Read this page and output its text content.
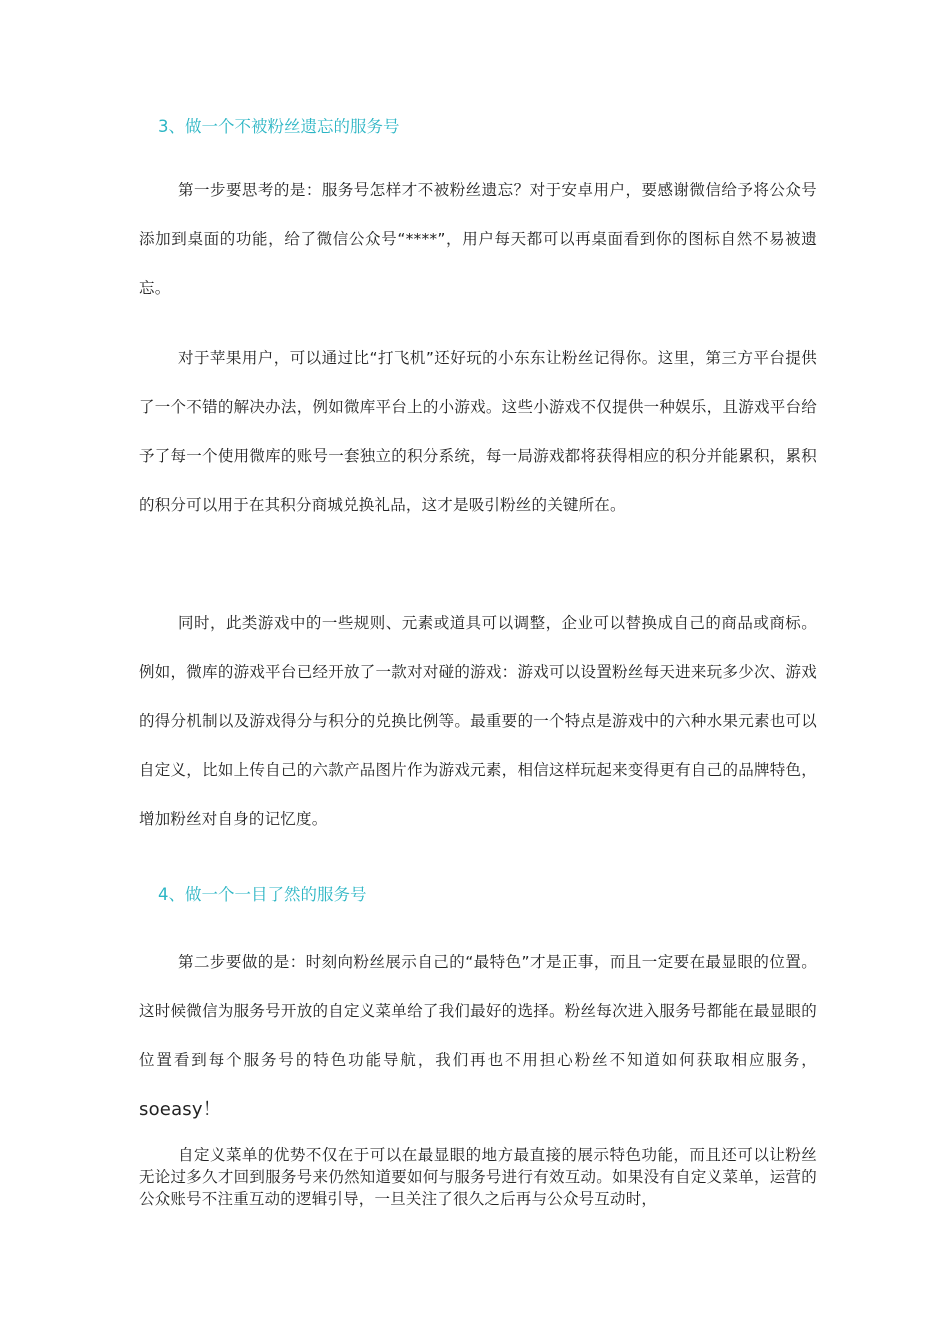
3、做一个不被粉丝遗忘的服务号

第一步要思考的是：服务号怎样才不被粉丝遗忘？对于安卓用户，要感谢微信给予将公众号添加到桌面的功能，给了微信公众号“****”，用户每天都可以再桌面看到你的图标自然不易被遗忘。

对于苹果用户，可以通过比“打飞机”还好玩的小东东让粉丝记得你。这里，第三方平台提供了一个不错的解决办法，例如微库平台上的小游戏。这些小游戏不仅提供一种娱乐，且游戏平台给予了每一个使用微库的账号一套独立的积分系统，每一局游戏都将获得相应的积分并能累积，累积的积分可以用于在其积分商城兑换礼品，这才是吸引粉丝的关键所在。

同时，此类游戏中的一些规则、元素或道具可以调整，企业可以替换成自己的商品或商标。例如，微库的游戏平台已经开放了一款对对碰的游戏：游戏可以设置粉丝每天进来玩多少次、游戏的得分机制以及游戏得分与积分的兑换比例等。最重要的一个特点是游戏中的六种水果元素也可以自定义，比如上传自己的六款产品图片作为游戏元素，相信这样玩起来变得更有自己的品牌特色，增加粉丝对自身的记忆度。

4、做一个一目了然的服务号

第二步要做的是：时刻向粉丝展示自己的“最特色”才是正事，而且一定要在最显眼的位置。这时候微信为服务号开放的自定义菜单给了我们最好的选择。粉丝每次进入服务号都能在最显眼的位置看到每个服务号的特色功能导航，我们再也不用担心粉丝不知道如何获取相应服务，soeasy！

自定义菜单的优势不仅在于可以在最显眼的地方最直接的展示特色功能，而且还可以让粉丝无论过多久才回到服务号来仍然知道要如何与服务号进行有效互动。如果没有自定义菜单，运营的公众账号不注重互动的逻辑引导，一旦关注了很久之后再与公众号互动时，
